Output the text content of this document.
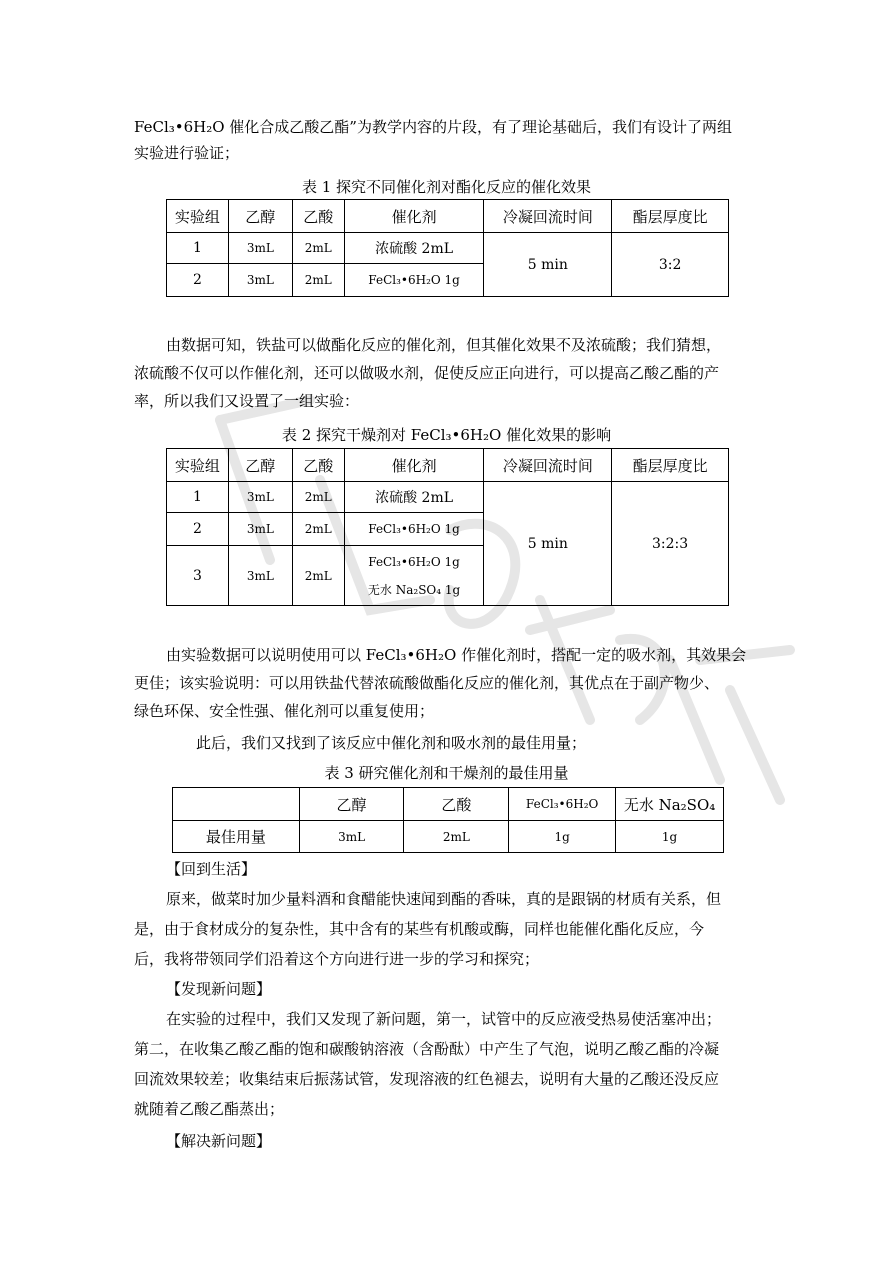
FeCl₃•6H₂O 催化合成乙酸乙酯”为教学内容的片段，有了理论基础后，我们有设计了两组
实验进行验证；
表 1 探究不同催化剂对酯化反应的催化效果
实验组	乙醇	乙酸	催化剂	冷凝回流时间	酯层厚度比
1	3mL	2mL	浓硫酸 2mL	5 min	3:2
2	3mL	2mL	FeCl₃•6H₂O 1g		
由数据可知，铁盐可以做酯化反应的催化剂，但其催化效果不及浓硫酸；我们猜想，
浓硫酸不仅可以作催化剂，还可以做吸水剂，促使反应正向进行，可以提高乙酸乙酯的产
率，所以我们又设置了一组实验：
表 2 探究干燥剂对 FeCl₃•6H₂O 催化效果的影响
实验组	乙醇	乙酸	催化剂	冷凝回流时间	酯层厚度比
1	3mL	2mL	浓硫酸 2mL	5 min	3:2:3
2	3mL	2mL	FeCl₃•6H₂O 1g		
3	3mL	2mL	FeCl₃•6H₂O 1g
无水 Na₂SO₄ 1g		
由实验数据可以说明使用可以 FeCl₃•6H₂O 作催化剂时，搭配一定的吸水剂，其效果会
更佳；该实验说明：可以用铁盐代替浓硫酸做酯化反应的催化剂，其优点在于副产物少、
绿色环保、安全性强、催化剂可以重复使用；
此后，我们又找到了该反应中催化剂和吸水剂的最佳用量；
表 3 研究催化剂和干燥剂的最佳用量
	乙醇	乙酸	FeCl₃•6H₂O	无水 Na₂SO₄
最佳用量	3mL	2mL	1g	1g
【回到生活】
原来，做菜时加少量料酒和食醋能快速闻到酯的香味，真的是跟锅的材质有关系，但
是，由于食材成分的复杂性，其中含有的某些有机酸或酶，同样也能催化酯化反应，今
后，我将带领同学们沿着这个方向进行进一步的学习和探究；
【发现新问题】
在实验的过程中，我们又发现了新问题，第一，试管中的反应液受热易使活塞冲出；
第二，在收集乙酸乙酯的饱和碳酸钠溶液（含酚酞）中产生了气泡，说明乙酸乙酯的冷凝
回流效果较差；收集结束后振荡试管，发现溶液的红色褪去，说明有大量的乙酸还没反应
就随着乙酸乙酯蒸出；
【解决新问题】
